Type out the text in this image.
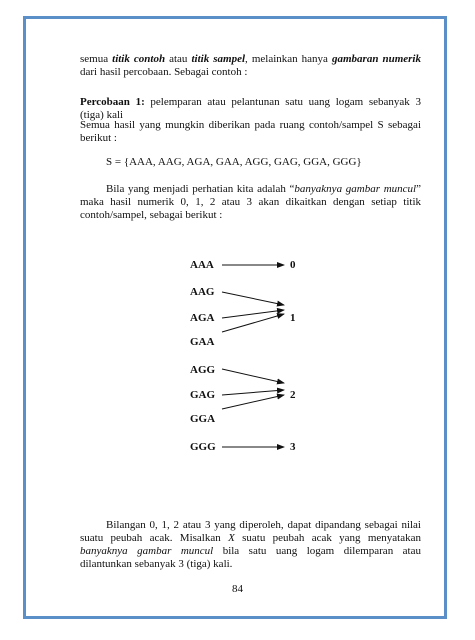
semua titik contoh atau titik sampel, melainkan hanya gambaran numerik dari hasil percobaan. Sebagai contoh :
Percobaan 1: pelemparan atau pelantunan satu uang logam sebanyak 3 (tiga) kali
Semua hasil yang mungkin diberikan pada ruang contoh/sampel S sebagai berikut :
S = {AAA, AAG, AGA, GAA, AGG, GAG, GGA, GGG}
Bila yang menjadi perhatian kita adalah “banyaknya gambar muncul” maka hasil numerik 0, 1, 2 atau 3 akan dikaitkan dengan setiap titik contoh/sampel, sebagai berikut :
AAA
AAG
AGA
GAA
AGG
GAG
GGA
GGG
0
1
2
3
Bilangan 0, 1, 2 atau 3 yang diperoleh, dapat dipandang sebagai nilai suatu peubah acak. Misalkan X suatu peubah acak yang menyatakan banyaknya gambar muncul bila satu uang logam dilemparan atau dilantunkan sebanyak 3 (tiga) kali.
84
